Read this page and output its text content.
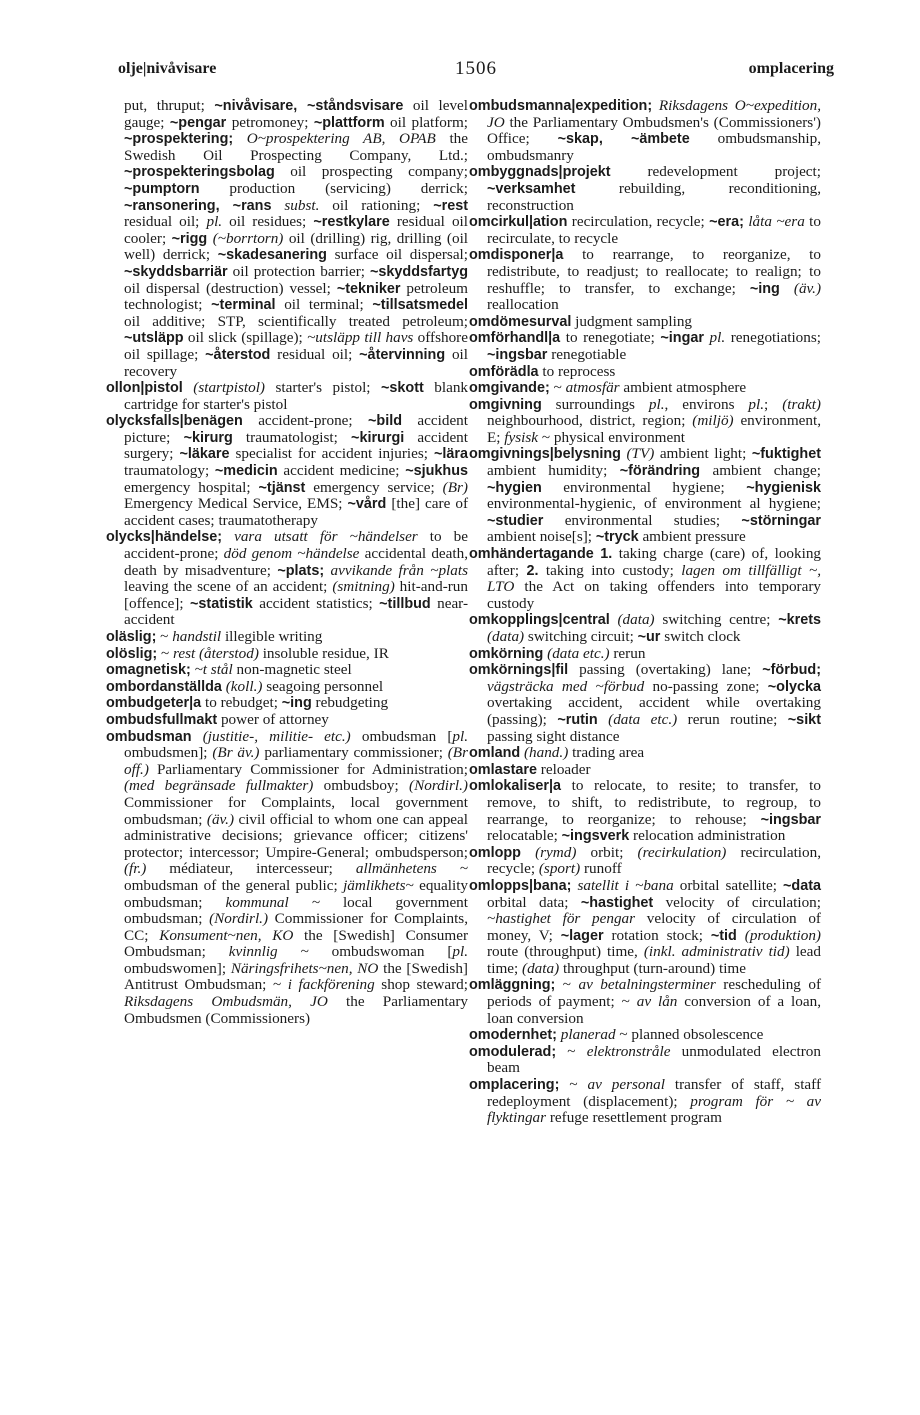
olje|nivåvisare	1506	omplacering

put, thruput; ~nivåvisare, ~ståndsvisare oil level gauge; ~pengar petromoney; ~plattform oil platform; ~prospektering; O~prospektering AB, OPAB the Swedish Oil Prospecting Company, Ltd.; ~prospekteringsbolag oil prospecting company; ~pumptorn production (servicing) derrick; ~ransonering, ~rans subst. oil rationing; ~rest residual oil; pl. oil residues; ~restkylare residual oil cooler; ~rigg (~borrtorn) oil (drilling) rig, drilling (oil well) derrick; ~skadesanering surface oil dispersal; ~skyddsbarriär oil protection barrier; ~skyddsfartyg oil dispersal (destruction) vessel; ~tekniker petroleum technologist; ~terminal oil terminal; ~tillsatsmedel oil additive; STP, scientifically treated petroleum; ~utsläpp oil slick (spillage); ~utsläpp till havs offshore oil spillage; ~återstod residual oil; ~återvinning oil recovery

ollon|pistol (startpistol) starter's pistol; ~skott blank cartridge for starter's pistol

olycksfalls|benägen accident-prone; ~bild accident picture; ~kirurg traumatologist; ~kirurgi accident surgery; ~läkare specialist for accident injuries; ~lära traumatology; ~medicin accident medicine; ~sjukhus emergency hospital; ~tjänst emergency service; (Br) Emergency Medical Service, EMS; ~vård [the] care of accident cases; traumatotherapy

olycks|händelse; vara utsatt för ~händelser to be accident-prone; död genom ~händelse accidental death, death by misadventure; ~plats; avvikande från ~plats leaving the scene of an accident; (smitning) hit-and-run [offence]; ~statistik accident statistics; ~tillbud near-accident

oläslig; ~ handstil illegible writing

olöslig; ~ rest (återstod) insoluble residue, IR

omagnetisk; ~t stål non-magnetic steel

ombordanställda (koll.) seagoing personnel

ombudgeter|a to rebudget; ~ing rebudgeting

ombudsfullmakt power of attorney

ombudsman (justitie-, militie- etc.) ombudsman [pl. ombudsmen]; (Br äv.) parliamentary commissioner; (Br off.) Parliamentary Commissioner for Administration; (med begränsade fullmakter) ombudsboy; (Nordirl.) Commissioner for Complaints, local government ombudsman; (äv.) civil official to whom one can appeal administrative decisions; grievance officer; citizens' protector; intercessor; Umpire-General; ombudsperson; (fr.) médiateur, intercesseur; allmänhetens ~ ombudsman of the general public; jämlikhets~ equality ombudsman; kommunal ~ local government ombudsman; (Nordirl.) Commissioner for Complaints, CC; Konsument~nen, KO the [Swedish] Consumer Ombudsman; kvinnlig ~ ombudswoman [pl. ombudswomen]; Näringsfrihets~nen, NO the [Swedish] Antitrust Ombudsman; ~ i fackförening shop steward; Riksdagens Ombudsmän, JO the Parliamentary Ombudsmen (Commissioners)

ombudsmanna|expedition; Riksdagens O~expedition, JO the Parliamentary Ombudsmen's (Commissioners') Office; ~skap, ~ämbete ombudsmanship, ombudsmanry

ombyggnads|projekt redevelopment project; ~verksamhet rebuilding, reconditioning, reconstruction

omcirkul|ation recirculation, recycle; ~era; låta ~era to recirculate, to recycle

omdisponer|a to rearrange, to reorganize, to redistribute, to readjust; to reallocate; to realign; to reshuffle; to transfer, to exchange; ~ing (äv.) reallocation

omdömesurval judgment sampling

omförhandl|a to renegotiate; ~ingar pl. renegotiations; ~ingsbar renegotiable

omförädla to reprocess

omgivande; ~ atmosfär ambient atmosphere

omgivning surroundings pl., environs pl.; (trakt) neighbourhood, district, region; (miljö) environment, E; fysisk ~ physical environment

omgivnings|belysning (TV) ambient light; ~fuktighet ambient humidity; ~förändring ambient change; ~hygien environmental hygiene; ~hygienisk environmental-hygienic, of environment al hygiene; ~studier environmental studies; ~störningar ambient noise[s]; ~tryck ambient pressure

omhändertagande 1. taking charge (care) of, looking after; 2. taking into custody; lagen om tillfälligt ~, LTO the Act on taking offenders into temporary custody

omkopplings|central (data) switching centre; ~krets (data) switching circuit; ~ur switch clock

omkörning (data etc.) rerun

omkörnings|fil passing (overtaking) lane; ~förbud; vägsträcka med ~förbud no-passing zone; ~olycka overtaking accident, accident while overtaking (passing); ~rutin (data etc.) rerun routine; ~sikt passing sight distance

omland (hand.) trading area

omlastare reloader

omlokaliser|a to relocate, to resite; to transfer, to remove, to shift, to redistribute, to regroup, to rearrange, to reorganize; to rehouse; ~ingsbar relocatable; ~ingsverk relocation administration

omlopp (rymd) orbit; (recirkulation) recirculation, recycle; (sport) runoff

omlopps|bana; satellit i ~bana orbital satellite; ~data orbital data; ~hastighet velocity of circulation; ~hastighet för pengar velocity of circulation of money, V; ~lager rotation stock; ~tid (produktion) route (throughput) time, (inkl. administrativ tid) lead time; (data) throughput (turn-around) time

omläggning; ~ av betalningsterminer rescheduling of periods of payment; ~ av lån conversion of a loan, loan conversion

omodernhet; planerad ~ planned obsolescence

omodulerad; ~ elektronstråle unmodulated electron beam

omplacering; ~ av personal transfer of staff, staff redeployment (displacement); program för ~ av flyktingar refuge resettlement program
